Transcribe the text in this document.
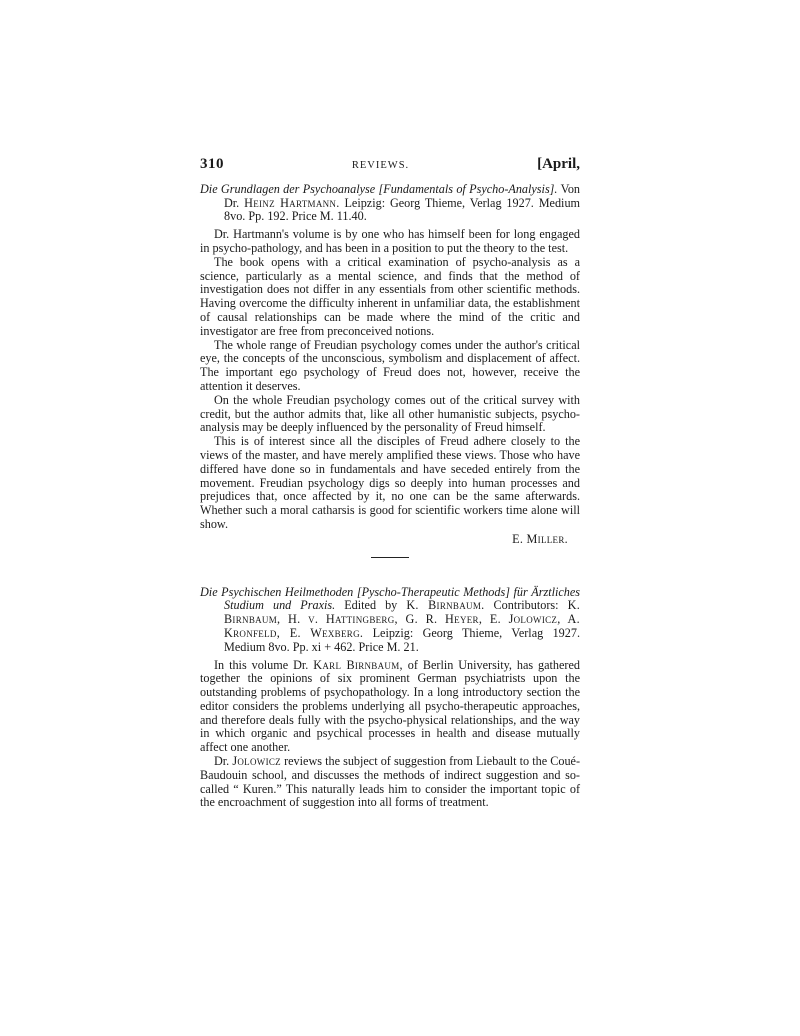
310	REVIEWS.	[April,
Die Grundlagen der Psychoanalyse [Fundamentals of Psycho-Analysis]. Von Dr. Heinz Hartmann. Leipzig: Georg Thieme, Verlag 1927. Medium 8vo. Pp. 192. Price M. 11.40.

Dr. Hartmann's volume is by one who has himself been for long engaged in psycho-pathology, and has been in a position to put the theory to the test.

The book opens with a critical examination of psycho-analysis as a science, particularly as a mental science, and finds that the method of investigation does not differ in any essentials from other scientific methods. Having overcome the difficulty inherent in unfamiliar data, the establishment of causal relationships can be made where the mind of the critic and investigator are free from preconceived notions.

The whole range of Freudian psychology comes under the author's critical eye, the concepts of the unconscious, symbolism and displacement of affect. The important ego psychology of Freud does not, however, receive the attention it deserves.

On the whole Freudian psychology comes out of the critical survey with credit, but the author admits that, like all other humanistic subjects, psycho-analysis may be deeply influenced by the personality of Freud himself.

This is of interest since all the disciples of Freud adhere closely to the views of the master, and have merely amplified these views. Those who have differed have done so in fundamentals and have seceded entirely from the movement. Freudian psychology digs so deeply into human processes and prejudices that, once affected by it, no one can be the same afterwards. Whether such a moral catharsis is good for scientific workers time alone will show.

E. Miller.
Die Psychischen Heilmethoden [Pyscho-Therapeutic Methods] für Ärztliches Studium und Praxis. Edited by K. Birnbaum. Contributors: K. Birnbaum, H. v. Hattingberg, G. R. Heyer, E. Jolowicz, A. Kronfeld, E. Wexberg. Leipzig: Georg Thieme, Verlag 1927. Medium 8vo. Pp. xi + 462. Price M. 21.

In this volume Dr. Karl Birnbaum, of Berlin University, has gathered together the opinions of six prominent German psychiatrists upon the outstanding problems of psychopathology. In a long introductory section the editor considers the problems underlying all psycho-therapeutic approaches, and therefore deals fully with the psycho-physical relationships, and the way in which organic and psychical processes in health and disease mutually affect one another.

Dr. Jolowicz reviews the subject of suggestion from Liebault to the Coué-Baudouin school, and discusses the methods of indirect suggestion and so-called “ Kuren.” This naturally leads him to consider the important topic of the encroachment of suggestion into all forms of treatment.
